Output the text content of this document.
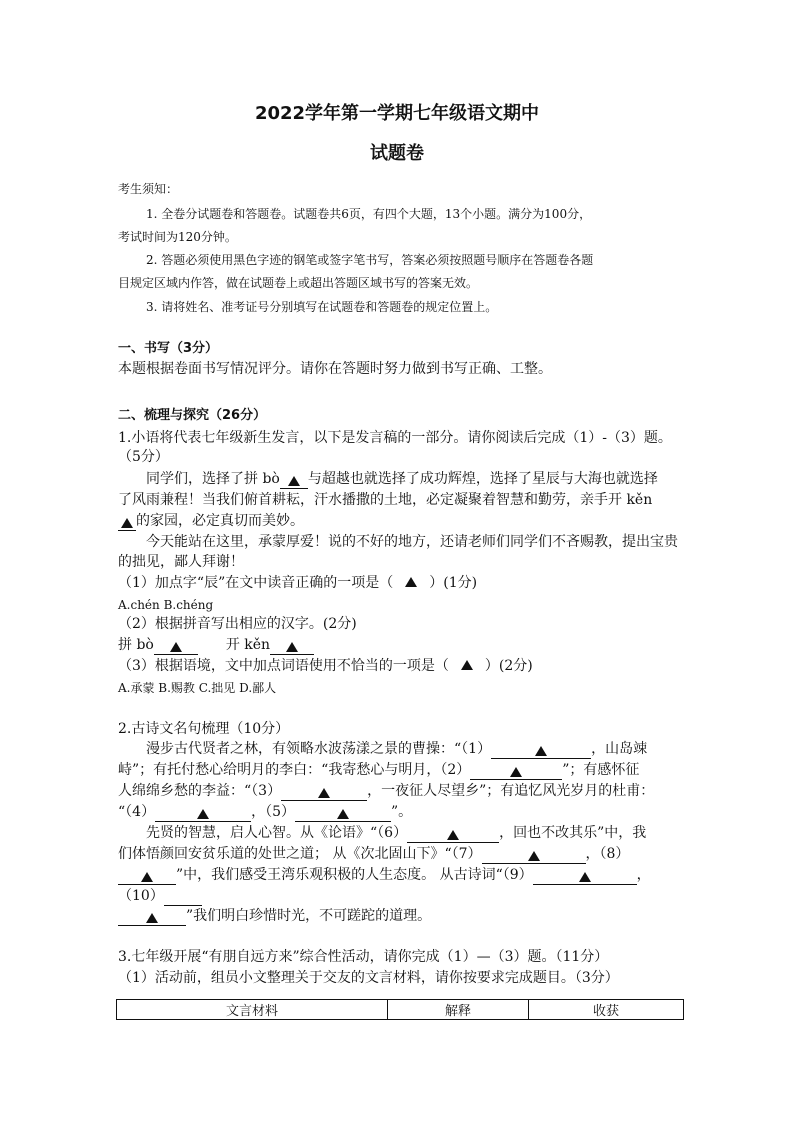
2022学年第一学期七年级语文期中
试题卷
考生须知：
1. 全卷分试题卷和答题卷。试题卷共6页，有四个大题，13个小题。满分为100分，
考试时间为120分钟。
2. 答题必须使用黑色字迹的钢笔或签字笔书写，答案必须按照题号顺序在答题卷各题
目规定区域内作答，做在试题卷上或超出答题区域书写的答案无效。
3. 请将姓名、准考证号分别填写在试题卷和答题卷的规定位置上。
一、书写（3分）
本题根据卷面书写情况评分。请你在答题时努力做到书写正确、工整。
二、梳理与探究（26分）
1.小语将代表七年级新生发言，以下是发言稿的一部分。请你阅读后完成（1）-（3）题。
（5分）
同学们，选择了拼 bò 与超越也就选择了成功辉煌，选择了星辰与大海也就选择
了风雨兼程！当我们俯首耕耘，汗水播撒的土地，必定凝聚着智慧和勤劳，亲手开 kěn
的家园，必定真切而美妙。
今天能站在这里，承蒙厚爱！说的不好的地方，还请老师们同学们不吝赐教，提出宝贵
的拙见，鄙人拜谢！
（1）加点字“辰”在文中读音正确的一项是（	）(1分)
A.chén B.chéng
（2）根据拼音写出相应的汉字。(2分)
拼 bò	开 kěn
（3）根据语境，文中加点词语使用不恰当的一项是（	）(2分)
A.承蒙 B.赐教 C.拙见 D.鄙人
2.古诗文名句梳理（10分）
漫步古代贤者之林，有领略水波荡漾之景的曹操：“（1）	，山岛竦
峙”；有托付愁心给明月的李白：“我寄愁心与明月，（2）	”；有感怀征
人绵绵乡愁的李益：“（3）	，一夜征人尽望乡”；有追忆风光岁月的杜甫：
“（4）	，（5）	”。
先贤的智慧，启人心智。从《论语》“（6）	，回也不改其乐”中，我
们体悟颜回安贫乐道的处世之道； 从《次北固山下》“（7）	，（8）
”中，我们感受王湾乐观积极的人生态度。 从古诗词“（9）	，
（10）
”我们明白珍惜时光，不可蹉跎的道理。
3.七年级开展“有朋自远方来”综合性活动，请你完成（1）—（3）题。（11分）
（1）活动前，组员小文整理关于交友的文言材料，请你按要求完成题目。（3分）
文言材料	解释	收获
